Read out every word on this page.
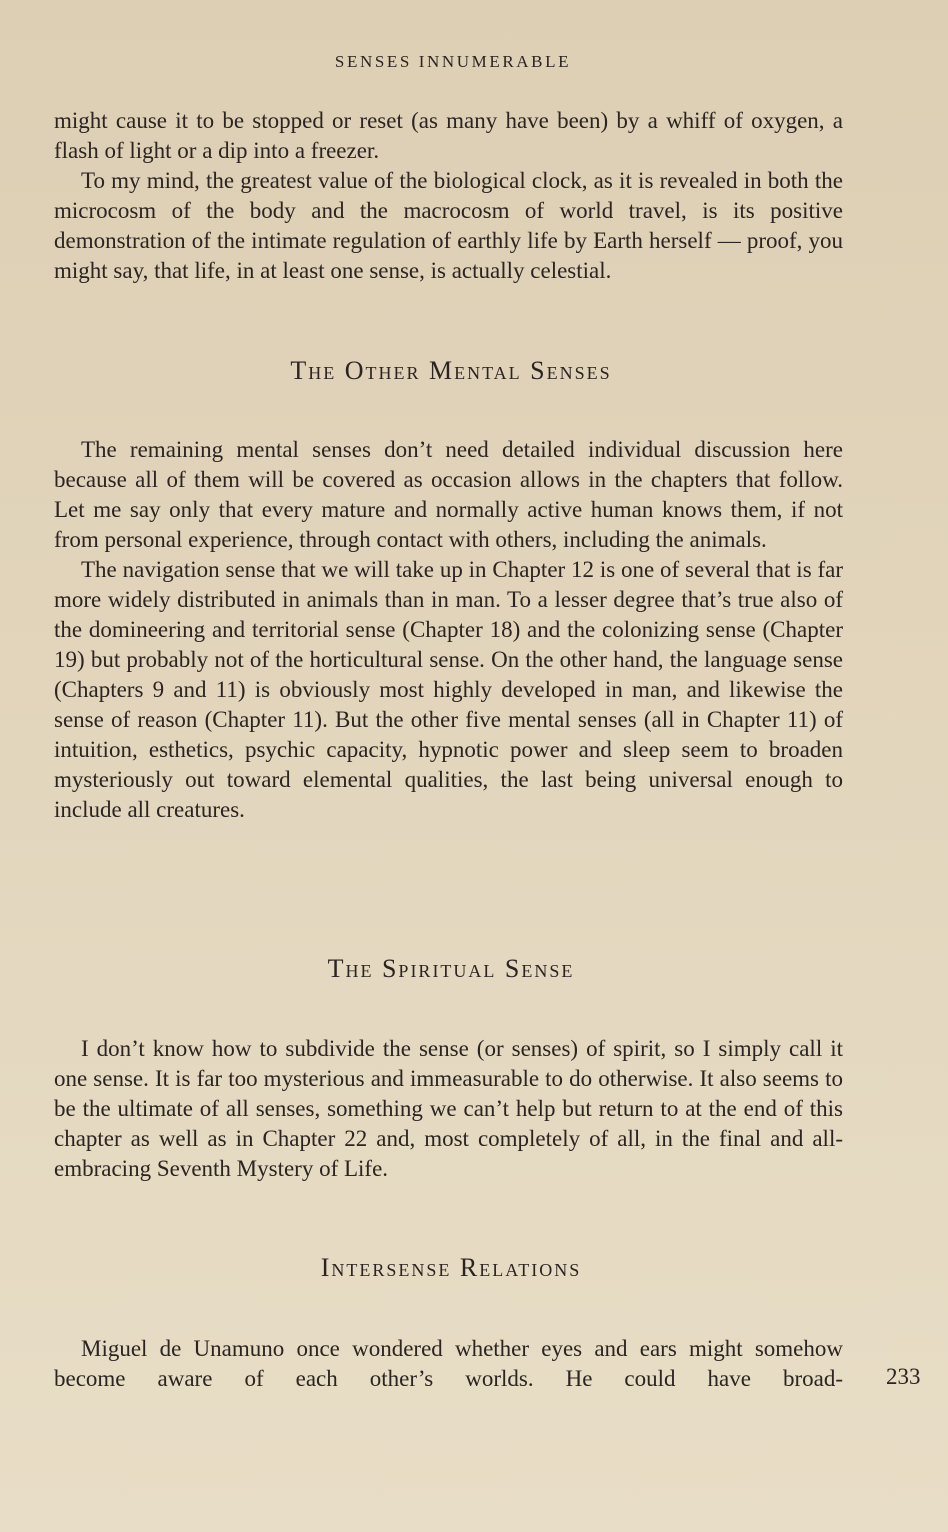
SENSES INNUMERABLE

might cause it to be stopped or reset (as many have been) by a whiff of oxygen, a flash of light or a dip into a freezer.

To my mind, the greatest value of the biological clock, as it is revealed in both the microcosm of the body and the macrocosm of world travel, is its positive demonstration of the intimate regulation of earthly life by Earth herself — proof, you might say, that life, in at least one sense, is actually celestial.

The Other Mental Senses

The remaining mental senses don’t need detailed individual discussion here because all of them will be covered as occasion allows in the chapters that follow. Let me say only that every mature and normally active human knows them, if not from personal experience, through contact with others, including the animals.

The navigation sense that we will take up in Chapter 12 is one of several that is far more widely distributed in animals than in man. To a lesser degree that’s true also of the domineering and territorial sense (Chapter 18) and the colonizing sense (Chapter 19) but probably not of the horticultural sense. On the other hand, the language sense (Chapters 9 and 11) is obviously most highly developed in man, and likewise the sense of reason (Chapter 11). But the other five mental senses (all in Chapter 11) of intuition, esthetics, psychic capacity, hypnotic power and sleep seem to broaden mysteriously out toward elemental qualities, the last being universal enough to include all creatures.

The Spiritual Sense

I don’t know how to subdivide the sense (or senses) of spirit, so I simply call it one sense. It is far too mysterious and immeasurable to do otherwise. It also seems to be the ultimate of all senses, something we can’t help but return to at the end of this chapter as well as in Chapter 22 and, most completely of all, in the final and all-embracing Seventh Mystery of Life.

Intersense Relations

Miguel de Unamuno once wondered whether eyes and ears might somehow become aware of each other’s worlds. He could have broad- 233
